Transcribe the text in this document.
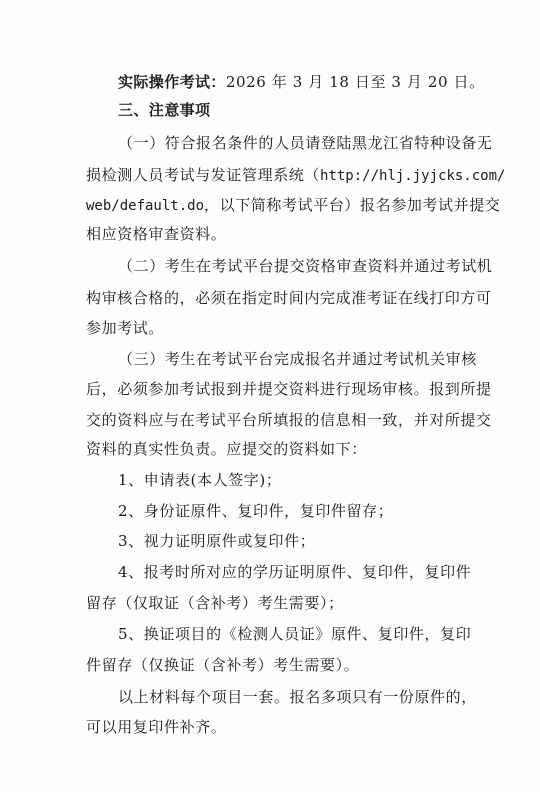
实际操作考试：2026 年 3 月 18 日至 3 月 20 日。
三、注意事项
（一）符合报名条件的人员请登陆黑龙江省特种设备无
损检测人员考试与发证管理系统（http://hlj.jyjcks.com/
web/default.do，以下简称考试平台）报名参加考试并提交
相应资格审查资料。
（二）考生在考试平台提交资格审查资料并通过考试机
构审核合格的，必须在指定时间内完成准考证在线打印方可
参加考试。
（三）考生在考试平台完成报名并通过考试机关审核
后，必须参加考试报到并提交资料进行现场审核。报到所提
交的资料应与在考试平台所填报的信息相一致，并对所提交
资料的真实性负责。应提交的资料如下：
1、申请表(本人签字)；
2、身份证原件、复印件，复印件留存；
3、视力证明原件或复印件；
4、报考时所对应的学历证明原件、复印件，复印件
留存（仅取证（含补考）考生需要）；
5、换证项目的《检测人员证》原件、复印件，复印
件留存（仅换证（含补考）考生需要）。
以上材料每个项目一套。报名多项只有一份原件的，
可以用复印件补齐。
